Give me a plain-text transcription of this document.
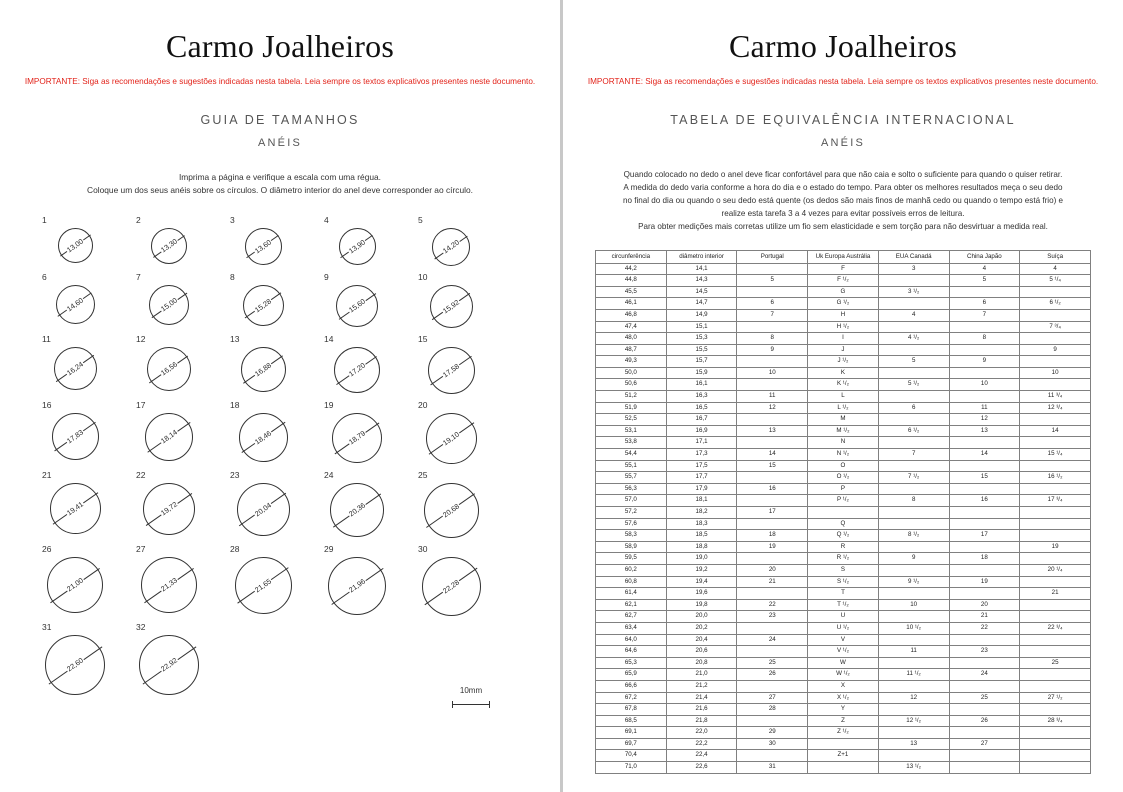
Carmo Joalheiros
IMPORTANTE: Siga as recomendações e sugestões indicadas nesta tabela. Leia sempre os textos explicativos presentes neste documento.
GUIA DE TAMANHOS
ANÉIS
Imprima a página e verifique a escala com uma régua.
Coloque um dos seus anéis sobre os círculos. O diâmetro interior do anel deve corresponder ao círculo.
1
13,00
2
13,30
3
13,60
4
13,90
5
14,20
6
14,60
7
15,00
8
15,28
9
15,60
10
15,92
11
16,24
12
16,56
13
16,88
14
17,20
15
17,58
16
17,83
17
18,14
18
18,46
19
18,79
20
19,10
21
19,41
22
19,72
23
20,04
24
20,36
25
20,68
26
21,00
27
21,33
28
21,65
29
21,96
30
22,28
31
22,60
32
22,92
10mm
Carmo Joalheiros
IMPORTANTE: Siga as recomendações e sugestões indicadas nesta tabela. Leia sempre os textos explicativos presentes neste documento.
TABELA DE EQUIVALÊNCIA INTERNACIONAL
ANÉIS
Quando colocado no dedo o anel deve ficar confortável para que não caia e solto o suficiente para quando o quiser retirar.
A medida do dedo varia conforme a hora do dia e o estado do tempo. Para obter os melhores resultados meça o seu dedo
no final do dia ou quando o seu dedo está quente (os dedos são mais finos de manhã cedo ou quando o tempo está frio) e
realize esta tarefa 3 a 4 vezes para evitar possíveis erros de leitura.
Para obter medições mais corretas utilize um fio sem elasticidade e sem torção para não desvirtuar a medida real.
circunferência	diâmetro interior	Portugal	Uk Europa Austrália	EUA Canadá	China Japão	Suíça
44,2	14,1		F	3	4	4
44,8	14,3	5	F ¹/₂		5	5 ¹/₄
45,5	14,5		G	3 ¹/₂		
46,1	14,7	6	G ¹/₂		6	6 ¹/₂
46,8	14,9	7	H	4	7	
47,4	15,1		H ¹/₂			7 ³/₄
48,0	15,3	8	I	4 ¹/₂	8	
48,7	15,5	9	J			9
49,3	15,7		J ¹/₂	5	9	
50,0	15,9	10	K			10
50,6	16,1		K ¹/₂	5 ¹/₂	10	
51,2	16,3	11	L			11 ³/₄
51,9	16,5	12	L ¹/₂	6	11	12 ³/₄
52,5	16,7		M		12	
53,1	16,9	13	M ¹/₂	6 ¹/₂	13	14
53,8	17,1		N			
54,4	17,3	14	N ¹/₂	7	14	15 ¹/₄
55,1	17,5	15	O			
55,7	17,7		O ¹/₂	7 ¹/₂	15	16 ¹/₂
56,3	17,9	16	P			
57,0	18,1		P ¹/₂	8	16	17 ³/₄
57,2	18,2	17				
57,6	18,3		Q			
58,3	18,5	18	Q ¹/₂	8 ¹/₂	17	
58,9	18,8	19	R			19
59,5	19,0		R ¹/₂	9	18	
60,2	19,2	20	S			20 ¹/₄
60,8	19,4	21	S ¹/₂	9 ¹/₂	19	
61,4	19,6		T			21
62,1	19,8	22	T ¹/₂	10	20	
62,7	20,0	23	U		21	
63,4	20,2		U ¹/₂	10 ¹/₂	22	22 ³/₄
64,0	20,4	24	V			
64,6	20,6		V ¹/₂	11	23	
65,3	20,8	25	W			25
65,9	21,0	26	W ¹/₂	11 ¹/₂	24	
66,6	21,2		X			
67,2	21,4	27	X ¹/₂	12	25	27 ¹/₂
67,8	21,6	28	Y			
68,5	21,8		Z	12 ¹/₂	26	28 ³/₄
69,1	22,0	29	Z ¹/₂			
69,7	22,2	30		13	27	
70,4	22,4		Z+1			
71,0	22,6	31		13 ¹/₂		
